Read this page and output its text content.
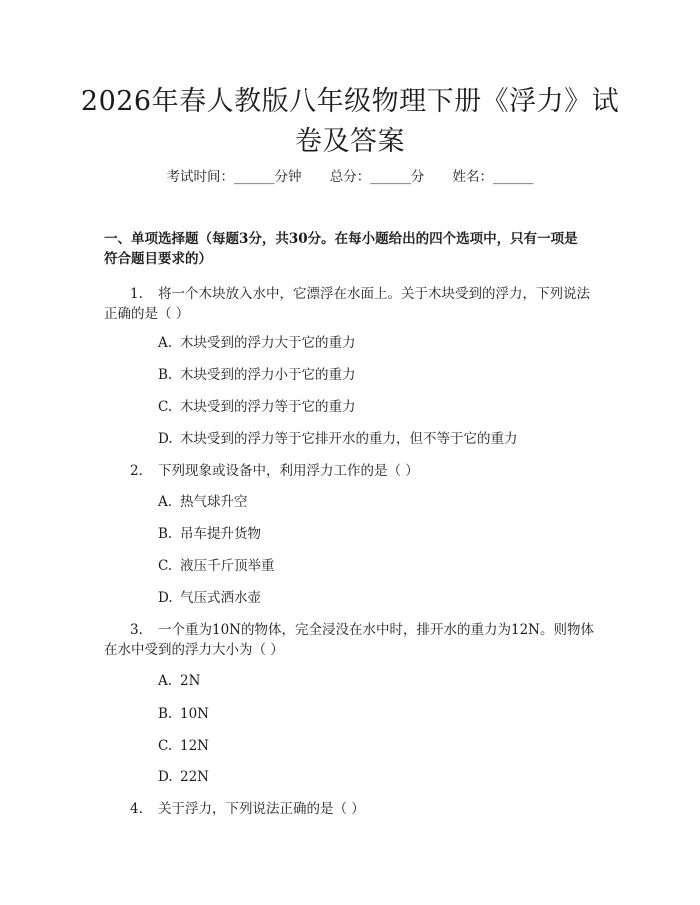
2026年春人教版八年级物理下册《浮力》试
卷及答案
考试时间：______分钟 总分：______分 姓名：______
一、单项选择题（每题3分，共30分。在每小题给出的四个选项中，只有一项是
符合题目要求的）
1. 将一个木块放入水中，它漂浮在水面上。关于木块受到的浮力，下列说法
正确的是（ ）
A. 木块受到的浮力大于它的重力
B. 木块受到的浮力小于它的重力
C. 木块受到的浮力等于它的重力
D. 木块受到的浮力等于它排开水的重力，但不等于它的重力
2. 下列现象或设备中，利用浮力工作的是（ ）
A. 热气球升空
B. 吊车提升货物
C. 液压千斤顶举重
D. 气压式洒水壶
3. 一个重为10N的物体，完全浸没在水中时，排开水的重力为12N。则物体
在水中受到的浮力大小为（ ）
A. 2N
B. 10N
C. 12N
D. 22N
4. 关于浮力，下列说法正确的是（ ）
